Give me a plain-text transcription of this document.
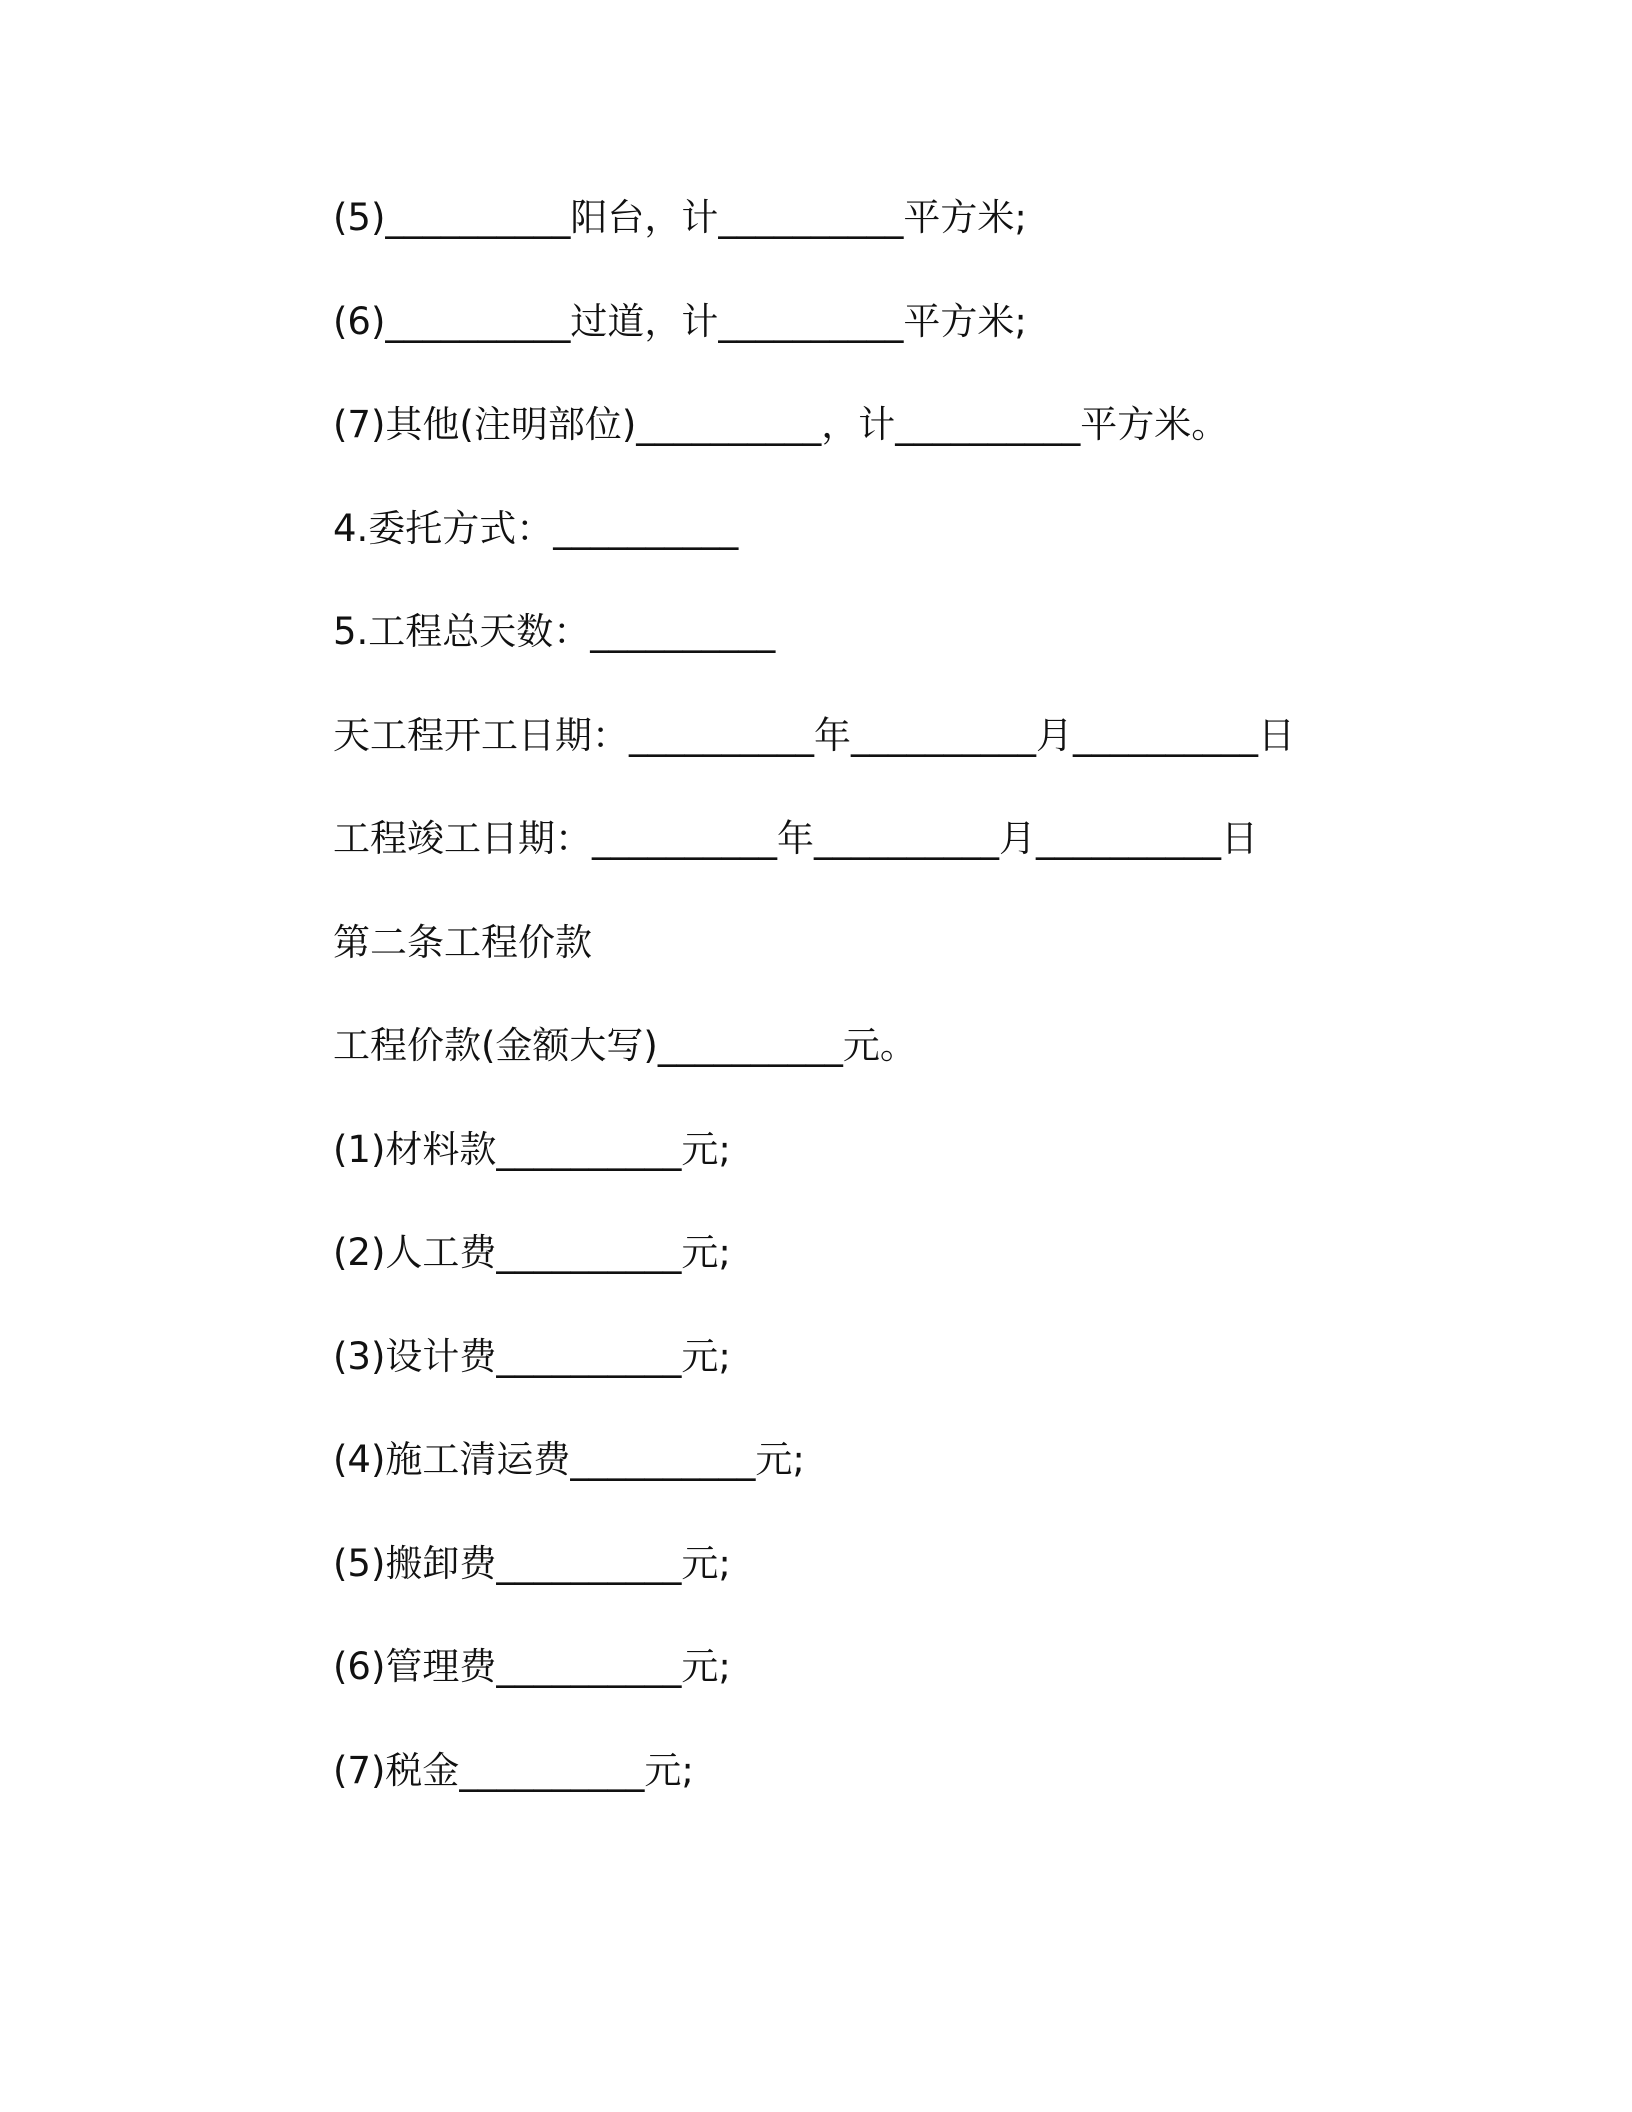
(5)__________阳台，计__________平方米;
(6)__________过道，计__________平方米;
(7)其他(注明部位)__________，计__________平方米。
4.委托方式：__________
5.工程总天数：__________
天工程开工日期：__________年__________月__________日
工程竣工日期：__________年__________月__________日
第二条工程价款
工程价款(金额大写)__________元。
(1)材料款__________元;
(2)人工费__________元;
(3)设计费__________元;
(4)施工清运费__________元;
(5)搬卸费__________元;
(6)管理费__________元;
(7)税金__________元;
